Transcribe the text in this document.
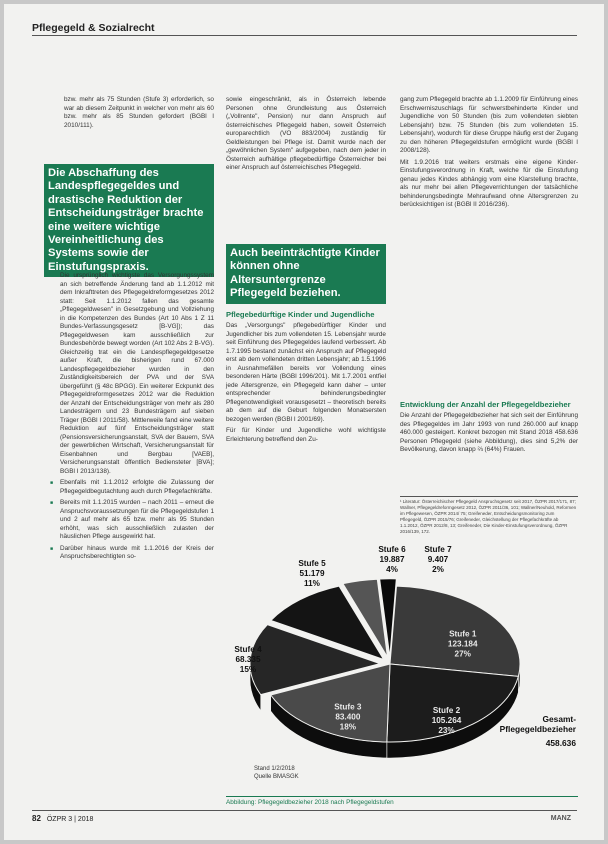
Pflegegeld & Sozialrecht

bzw. mehr als 75 Stunden (Stufe 3) erforderlich, so war ab diesem Zeitpunkt in welcher von mehr als 60 bzw. mehr als 85 Stunden gefordert (BGBl I 2010/111).

Die Abschaffung des Landespflegegeldes und drastische Reduktion der Entscheidungsträger brachte eine weitere wichtige Vereinheitlichung des Systems sowie der Einstufungspraxis.
■ Die ursprünglich wichtigste das Versorgungssystem an sich betreffende Änderung fand ab 1.1.2012 mit dem Inkrafttreten des Pflegegeldreformgesetzes 2012 statt: Seit 1.1.2012 fallen das gesamte „Pflegegeldwesen" in Gesetzgebung und Vollziehung in die Kompetenzen des Bundes (Art 10 Abs 1 Z 11 Bundes-Verfassungsgesetz [B-VG]); das Pflegegeldwesen kam ausschließlich zur Bundesbehörde bewegt worden (Art 102 Abs 2 B-VG). Gleichzeitig trat ein die Landespflegegeldgesetze außer Kraft, die bisherigen rund 67.000 Landespflegegeldbezieher wurden in den Zuständigkeitsbereich der PVA und der SVA übergeführt (§ 48c BPGG). Ein weiterer Eckpunkt des Pflegegeldreformgesetzes 2012 war die Reduktion der Anzahl der Entscheidungsträger von mehr als 280 Landesträgern und 23 Bundesträgern auf sieben Träger (BGBl I 2011/58). Mittlerweile fand eine weitere Reduktion auf fünf Entscheidungsträger statt (Pensionsversicherungsanstalt, SVA der Bauern, SVA der gewerblichen Wirtschaft, Versicherungsanstalt für Eisenbahnen und Bergbau [VAEB], Versicherungsanstalt öffentlich Bediensteter [BVA]; BGBl I 2013/138).
■ Ebenfalls mit 1.1.2012 erfolgte die Zulassung der Pflegegeldbegutachtung auch durch Pflegefachkräfte.
■ Bereits mit 1.1.2015 wurden – nach 2011 – erneut die Anspruchsvoraussetzungen für die Pflegegeldstufen 1 und 2 auf mehr als 65 bzw. mehr als 95 Stunden erhöht, was sich ausschließlich zulasten der häuslichen Pflege ausgewirkt hat.
■ Darüber hinaus wurde mit 1.1.2016 der Kreis der Anspruchsberechtigten so-

sowie eingeschränkt, als in Österreich lebende Personen ohne Grundleistung aus Österreich („Vollrente", Pension) nur dann Anspruch auf österreichisches Pflegegeld haben, soweit Österreich europarechtlich (VO 883/2004) zuständig für Geldleistungen bei Pflege ist. Damit wurde nach der „gewöhnlichen System" aufgegeben, nach dem jeder in Österreich aufhältige pflegebedürftige Österreicher bei einer Anspruch auf österreichisches Pflegegeld.

Auch beeinträchtigte Kinder können ohne Altersuntergrenze Pflegegeld beziehen.
Pflegebedürftige Kinder und Jugendliche

Das „Versorgungs" pflegebedürftiger Kinder und Jugendlicher bis zum vollendeten 15. Lebensjahr wurde seit Einführung des Pflegegeldes laufend verbessert. Ab 1.7.1995 bestand zunächst ein Anspruch auf Pflegegeld erst ab dem vollendeten dritten Lebensjahr; ab 1.5.1996 in Ausnahmefällen bereits vor Vollendung eines besonderen Härte (BGBl 1996/201). Mit 1.7.2001 entfiel jede Altersgrenze, ein Pflegegeld kann daher – unter entsprechender behinderungsbedingter Pflegenotwendigkeit vorausgesetzt – theoretisch bereits ab dem auf die Geburt folgenden Monatsersten bezogen werden (BGBl I 2001/69).

Für für Kinder und Jugendliche wohl wichtigste Erleichterung betreffend den Zu-

gang zum Pflegegeld brachte ab 1.1.2009 für Einführung eines Erschwerniszuschlags für schwerstbehinderte Kinder und Jugendliche von 50 Stunden (bis zum vollendeten siebten Lebensjahr) bzw. 75 Stunden (bis zum vollendeten 15. Lebensjahr), wodurch für diese Gruppe häufig erst der Zugang zu den höheren Pflegegeldstufen ermöglicht wurde (BGBl I 2008/128).

Mit 1.9.2016 trat weiters erstmals eine eigene Kinder-Einstufungsverordnung in Kraft, welche für die Einstufung genau jedes Kindes abhängig vom eine Klarstellung brachte, als nur mehr bei allen Pflegeverrichtungen der tatsächliche behinderungsbedingte Mehraufwand ohne Altersgrenzen zu berücksichtigen ist (BGBl II 2016/236).

Entwicklung der Anzahl der Pflegegeldbezieher

Die Anzahl der Pflegegeldbezieher hat sich seit der Einführung des Pflegegeldes im Jahr 1993 von rund 260.000 auf knapp 460.000 gesteigert. Konkret bezogen mit Stand 2018 458.636 Personen Pflegegeld (siehe Abbildung), dies sind 5,2% der Bevölkerung, davon knapp ⅔ (64%) Frauen.

¹ Literatur: Österreichischer Pflegegeld Anspruchsgesetz seit 2017, ÖZPR 2017/171, 87; Wallner, Pflegegeldreformgesetz 2012, ÖZPR 2011/36, 101; Wallner/Neuhold, Reformen im Pflegewesen, ÖZPR 2014/ 75; Greifeneder, Entscheidungsmonitoring zum Pflegegeld, ÖZPR 2015/76; Greifeneder, Gleichstellung der Pflegefachkräfte ab 1.1.2012, ÖZPR 2012/8, 13; Greifeneder, Die Kinder-Einstufungsverordnung, ÖZPR 2016/139, 172.
Stufe 1
123.184
27%
Stufe 2
105.264
23%
Stufe 3
83.400
18%
Stufe 4
68.335
15%
Stufe 5
51.179
11%
Stufe 6
19.887
4%
Stufe 7
9.407
2%
Gesamt-
Pflegegeldbezieher
458.636
Stand 1/2/2018
Quelle BMASGK
Abbildung: Pflegegeldbezieher 2018 nach Pflegegeldstufen
82 ÖZPR 3 | 2018	MANZ
